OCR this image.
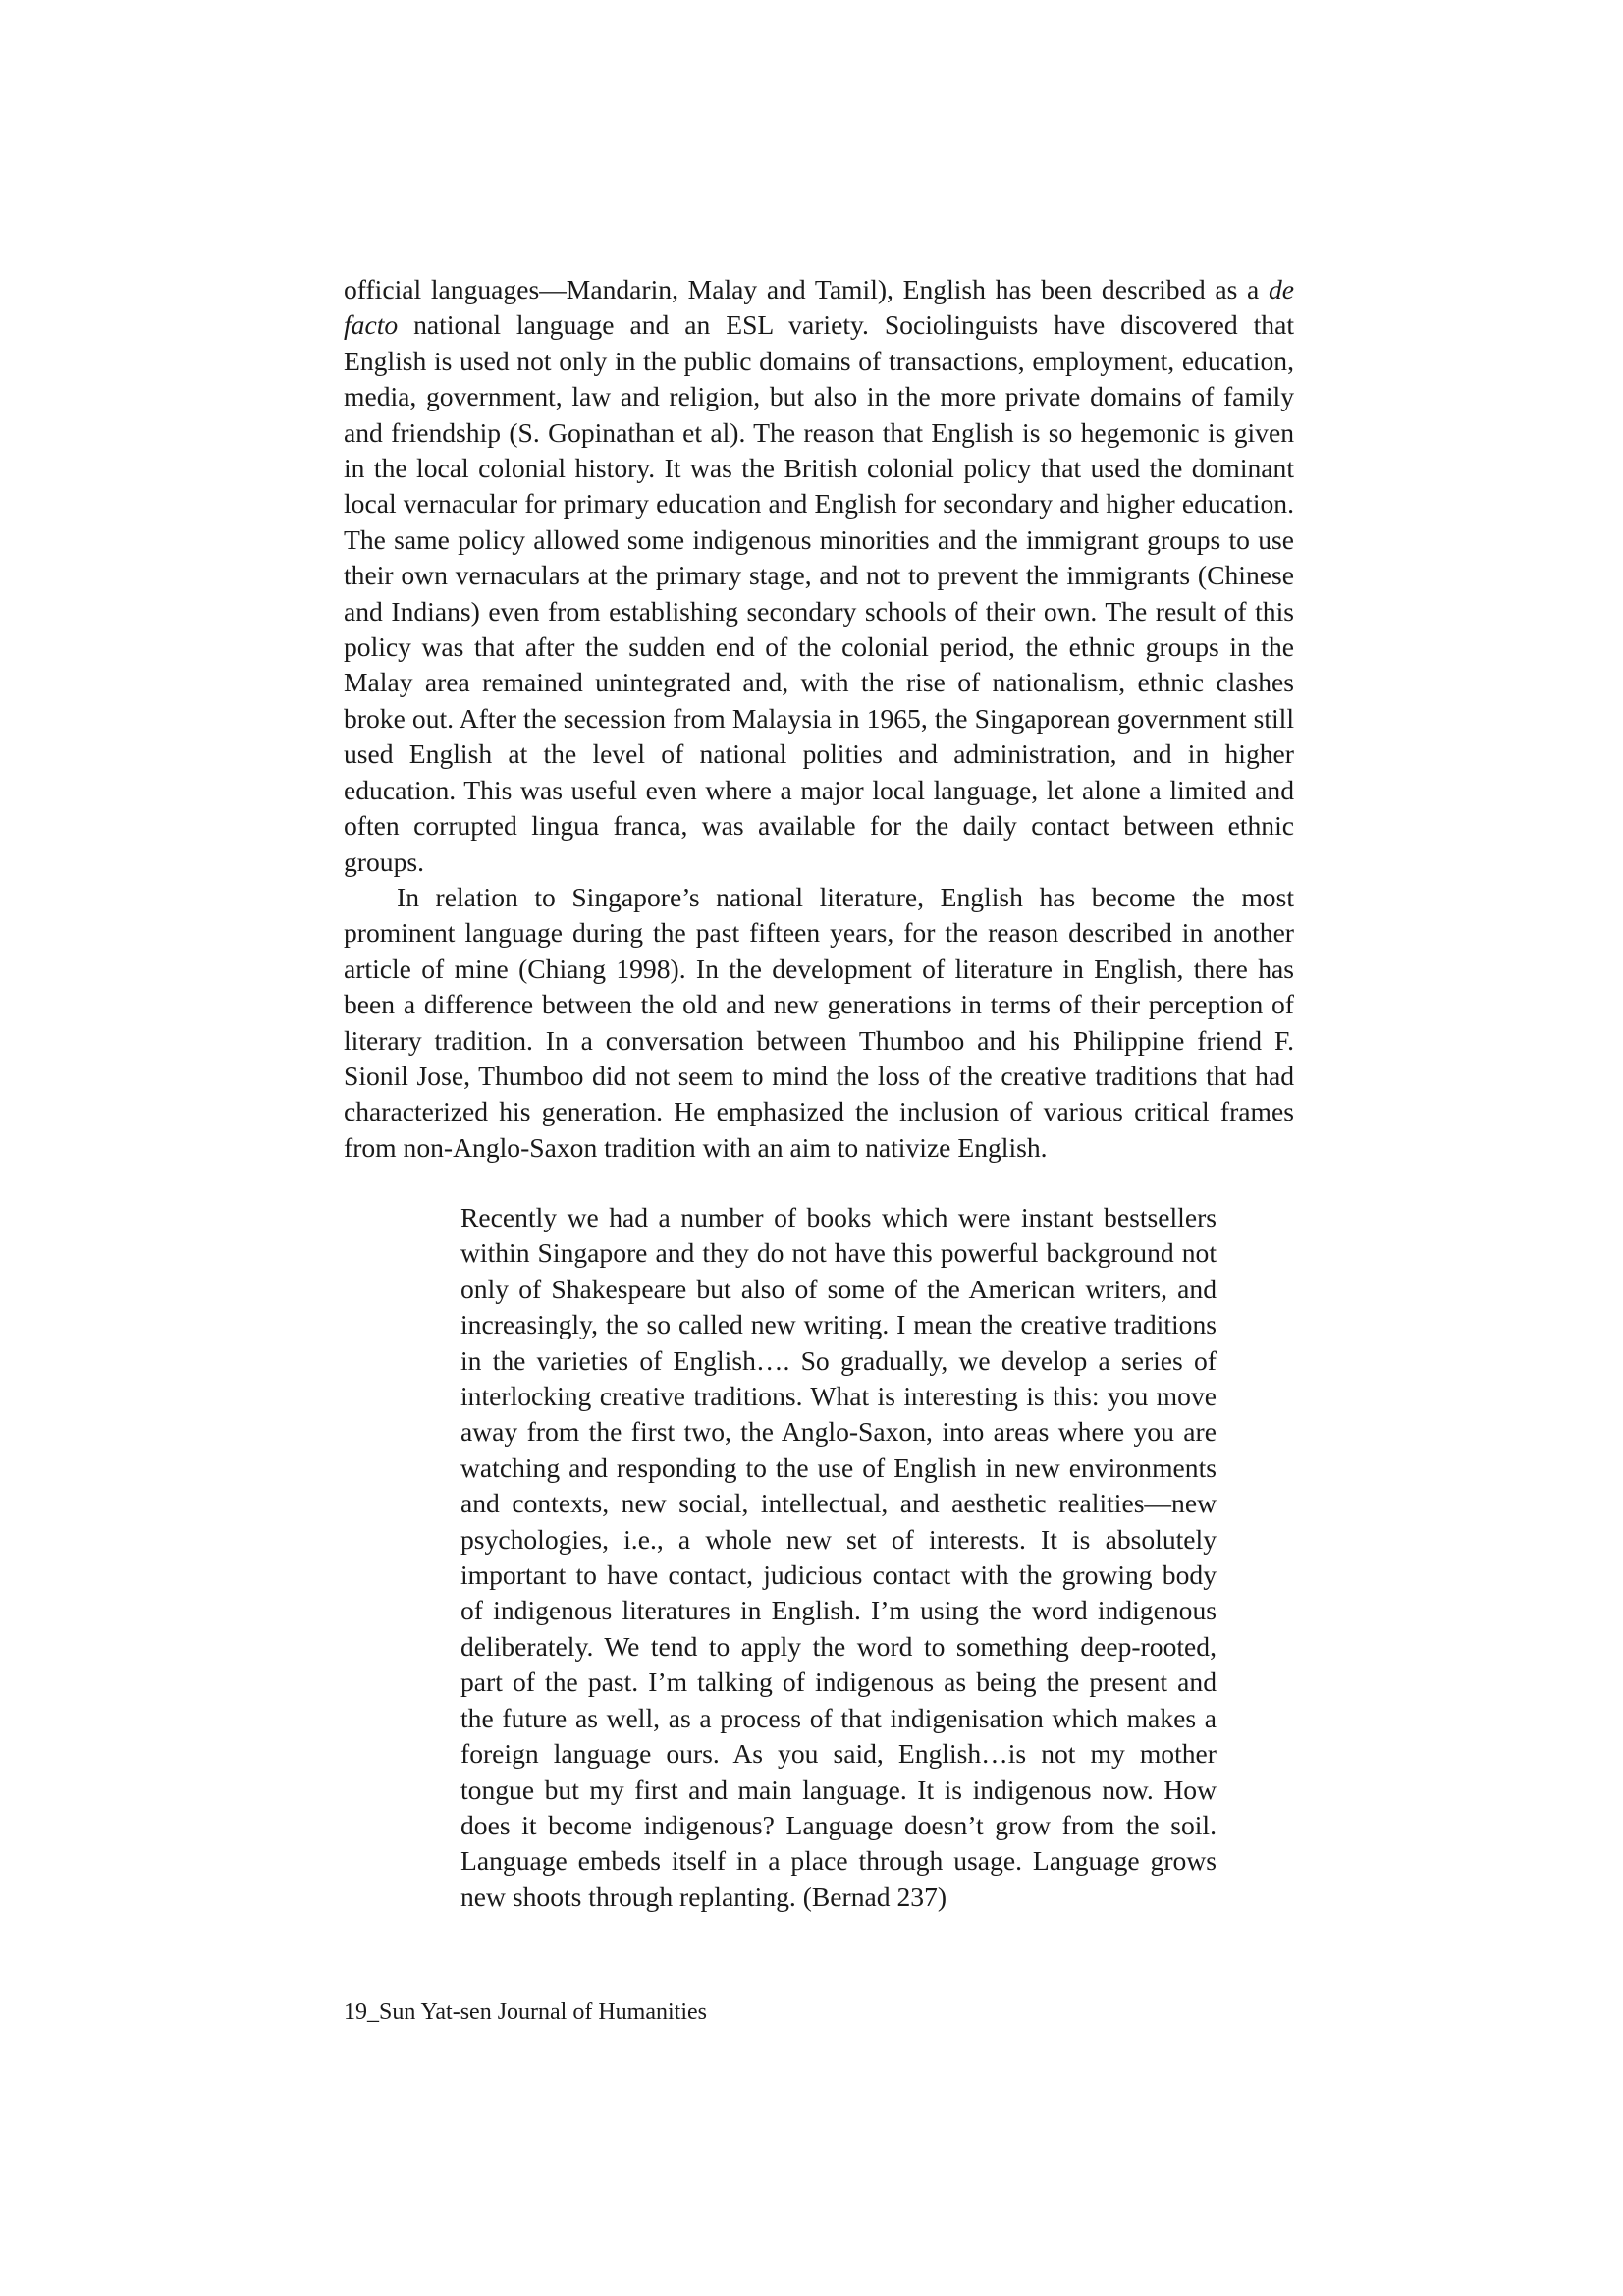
official languages—Mandarin, Malay and Tamil), English has been described as a de facto national language and an ESL variety. Sociolinguists have discovered that English is used not only in the public domains of transactions, employment, education, media, government, law and religion, but also in the more private domains of family and friendship (S. Gopinathan et al). The reason that English is so hegemonic is given in the local colonial history. It was the British colonial policy that used the dominant local vernacular for primary education and English for secondary and higher education. The same policy allowed some indigenous minorities and the immigrant groups to use their own vernaculars at the primary stage, and not to prevent the immigrants (Chinese and Indians) even from establishing secondary schools of their own. The result of this policy was that after the sudden end of the colonial period, the ethnic groups in the Malay area remained unintegrated and, with the rise of nationalism, ethnic clashes broke out. After the secession from Malaysia in 1965, the Singaporean government still used English at the level of national polities and administration, and in higher education. This was useful even where a major local language, let alone a limited and often corrupted lingua franca, was available for the daily contact between ethnic groups.

In relation to Singapore’s national literature, English has become the most prominent language during the past fifteen years, for the reason described in another article of mine (Chiang 1998). In the development of literature in English, there has been a difference between the old and new generations in terms of their perception of literary tradition. In a conversation between Thumboo and his Philippine friend F. Sionil Jose, Thumboo did not seem to mind the loss of the creative traditions that had characterized his generation. He emphasized the inclusion of various critical frames from non-Anglo-Saxon tradition with an aim to nativize English.

Recently we had a number of books which were instant bestsellers within Singapore and they do not have this powerful background not only of Shakespeare but also of some of the American writers, and increasingly, the so called new writing. I mean the creative traditions in the varieties of English…. So gradually, we develop a series of interlocking creative traditions. What is interesting is this: you move away from the first two, the Anglo-Saxon, into areas where you are watching and responding to the use of English in new environments and contexts, new social, intellectual, and aesthetic realities—new psychologies, i.e., a whole new set of interests. It is absolutely important to have contact, judicious contact with the growing body of indigenous literatures in English. I’m using the word indigenous deliberately. We tend to apply the word to something deep-rooted, part of the past. I’m talking of indigenous as being the present and the future as well, as a process of that indigenisation which makes a foreign language ours. As you said, English…is not my mother tongue but my first and main language. It is indigenous now. How does it become indigenous? Language doesn’t grow from the soil. Language embeds itself in a place through usage. Language grows new shoots through replanting. (Bernad 237)

19_Sun Yat-sen Journal of Humanities
